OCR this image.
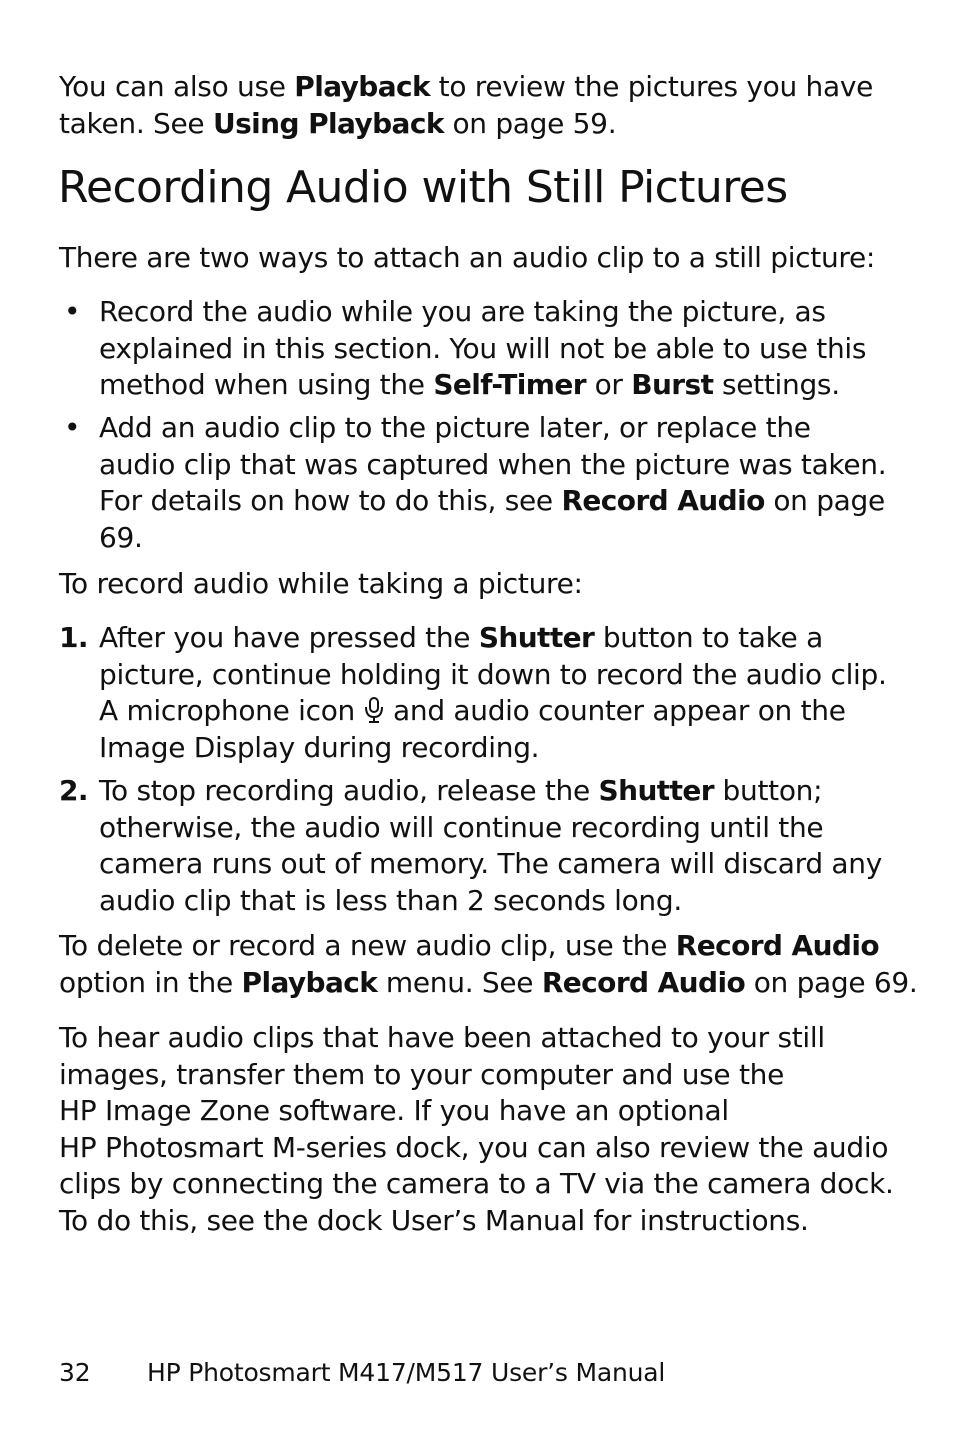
You can also use Playback to review the pictures you have taken. See Using Playback on page 59.

Recording Audio with Still Pictures

There are two ways to attach an audio clip to a still picture:

• Record the audio while you are taking the picture, as explained in this section. You will not be able to use this method when using the Self-Timer or Burst settings.

• Add an audio clip to the picture later, or replace the audio clip that was captured when the picture was taken. For details on how to do this, see Record Audio on page 69.

To record audio while taking a picture:

1. After you have pressed the Shutter button to take a picture, continue holding it down to record the audio clip. A microphone icon and audio counter appear on the Image Display during recording.

2. To stop recording audio, release the Shutter button; otherwise, the audio will continue recording until the camera runs out of memory. The camera will discard any audio clip that is less than 2 seconds long.

To delete or record a new audio clip, use the Record Audio option in the Playback menu. See Record Audio on page 69.

To hear audio clips that have been attached to your still images, transfer them to your computer and use the
HP Image Zone software. If you have an optional
HP Photosmart M-series dock, you can also review the audio clips by connecting the camera to a TV via the camera dock. To do this, see the dock User’s Manual for instructions.

32 HP Photosmart M417/M517 User’s Manual
